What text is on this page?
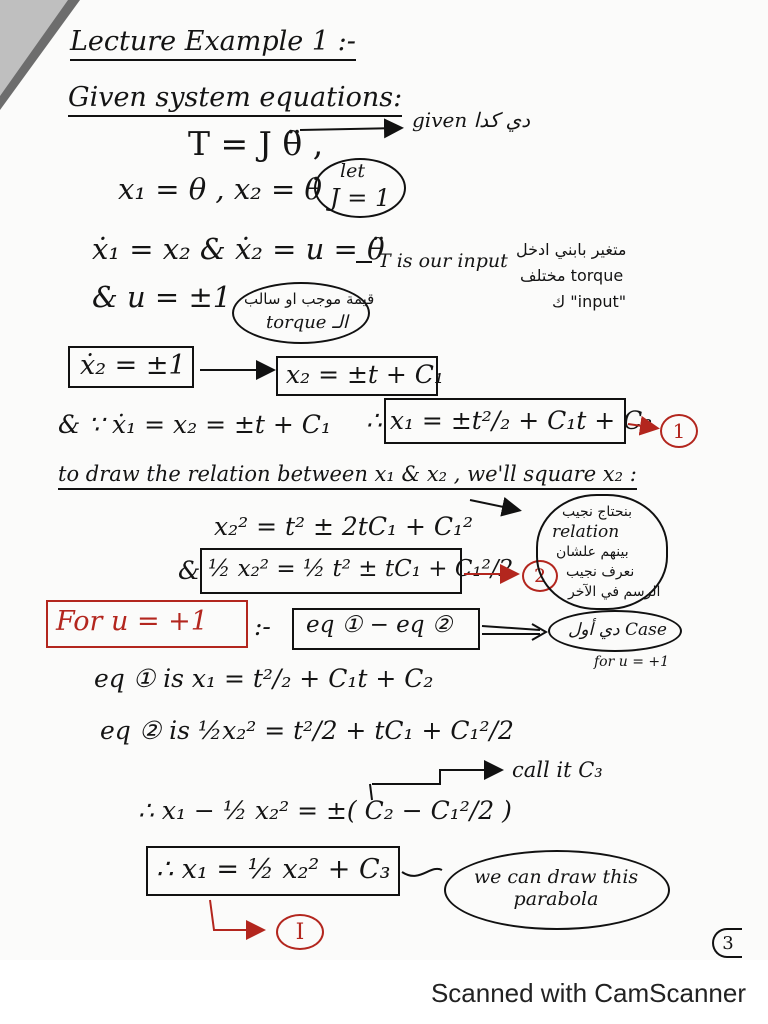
Lecture Example 1 :-
Given system equations:
T = J θ̈ ,
given دي كدا
x₁ = θ , x₂ = θ̇
let
J = 1
ẋ₁ = x₂ & ẋ₂ = u = θ̈
T is our input
متغير بابني ادخل
torque مختلف
"input" ك
& u = ±1 قيمة موجب او سالب
torque الـ
ẋ₂ = ±1	x₂ = ±t + C₁
& ∵ ẋ₁ = x₂ = ±t + C₁ ∴ x₁ = ±t²/₂ + C₁t + C₂	1
to draw the relation between x₁ & x₂ , we'll square x₂ :
x₂² = t² ± 2tC₁ + C₁²
& ½ x₂² = ½ t² ± tC₁ + C₁²/2	2
بنحتاج نجيب
relation
بينهم علشان
نعرف نجيب
الرسم في الآخر
For u = +1 :- eq ① − eq ②	دي أول Case
for u = +1
eq ① is x₁ = t²/₂ + C₁t + C₂
eq ② is ½x₂² = t²/2 + tC₁ + C₁²/2
call it C₃
∴ x₁ − ½ x₂² = ±( C₂ − C₁²/2 )
∴ x₁ = ½ x₂² + C₃	we can draw this parabola
I	3
Scanned with CamScanner
